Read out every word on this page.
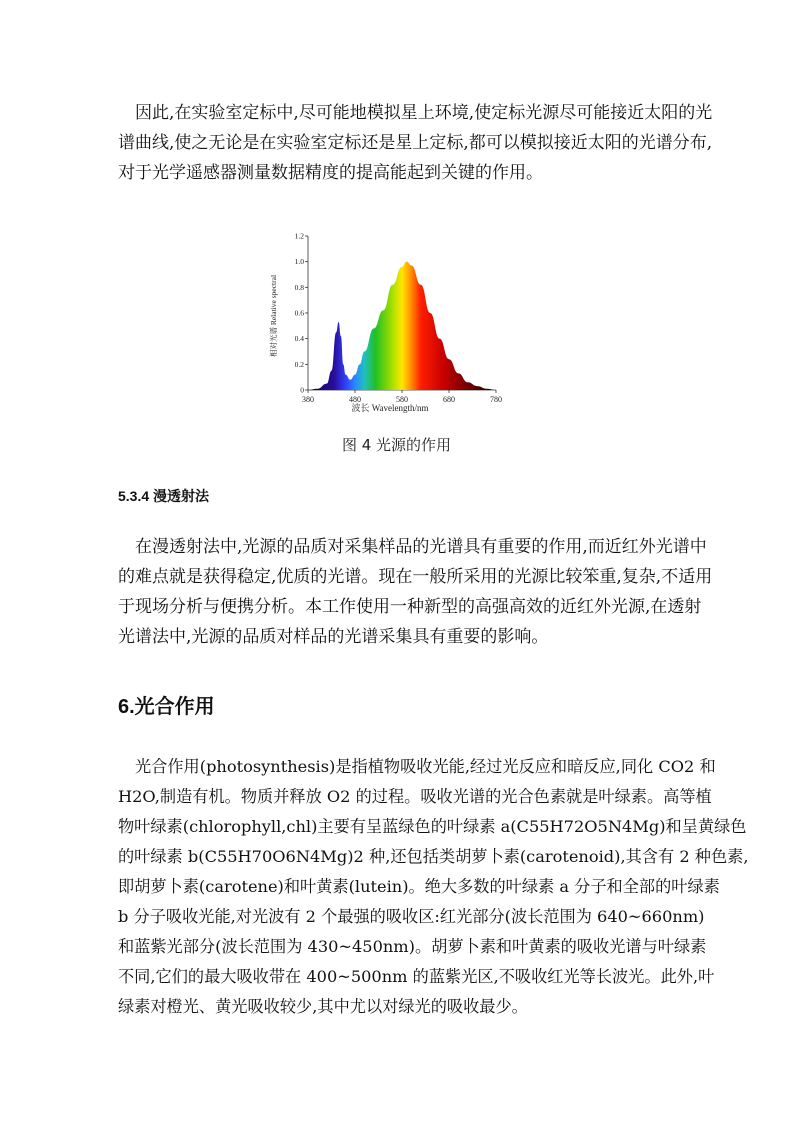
因此,在实验室定标中,尽可能地模拟星上环境,使定标光源尽可能接近太阳的光
谱曲线,使之无论是在实验室定标还是星上定标,都可以模拟接近太阳的光谱分布,
对于光学遥感器测量数据精度的提高能起到关键的作用。
380	480	580	680	780
0
0.2
0.4
0.6
0.8
1.0
1.2
波长 Wavelength/nm
相对光谱 Relative spectral
图 4 光源的作用
5.3.4 漫透射法
在漫透射法中,光源的品质对采集样品的光谱具有重要的作用,而近红外光谱中
的难点就是获得稳定,优质的光谱。现在一般所采用的光源比较笨重,复杂,不适用
于现场分析与便携分析。本工作使用一种新型的高强高效的近红外光源,在透射
光谱法中,光源的品质对样品的光谱采集具有重要的影响。
6.光合作用
光合作用(photosynthesis)是指植物吸收光能,经过光反应和暗反应,同化 CO2 和
H2O,制造有机。物质并释放 O2 的过程。吸收光谱的光合色素就是叶绿素。高等植
物叶绿素(chlorophyll,chl)主要有呈蓝绿色的叶绿素 a(C55H72O5N4Mg)和呈黄绿色
的叶绿素 b(C55H70O6N4Mg)2 种,还包括类胡萝卜素(carotenoid),其含有 2 种色素,
即胡萝卜素(carotene)和叶黄素(lutein)。绝大多数的叶绿素 a 分子和全部的叶绿素
b 分子吸收光能,对光波有 2 个最强的吸收区:红光部分(波长范围为 640~660nm)
和蓝紫光部分(波长范围为 430~450nm)。胡萝卜素和叶黄素的吸收光谱与叶绿素
不同,它们的最大吸收带在 400~500nm 的蓝紫光区,不吸收红光等长波光。此外,叶
绿素对橙光、黄光吸收较少,其中尤以对绿光的吸收最少。
